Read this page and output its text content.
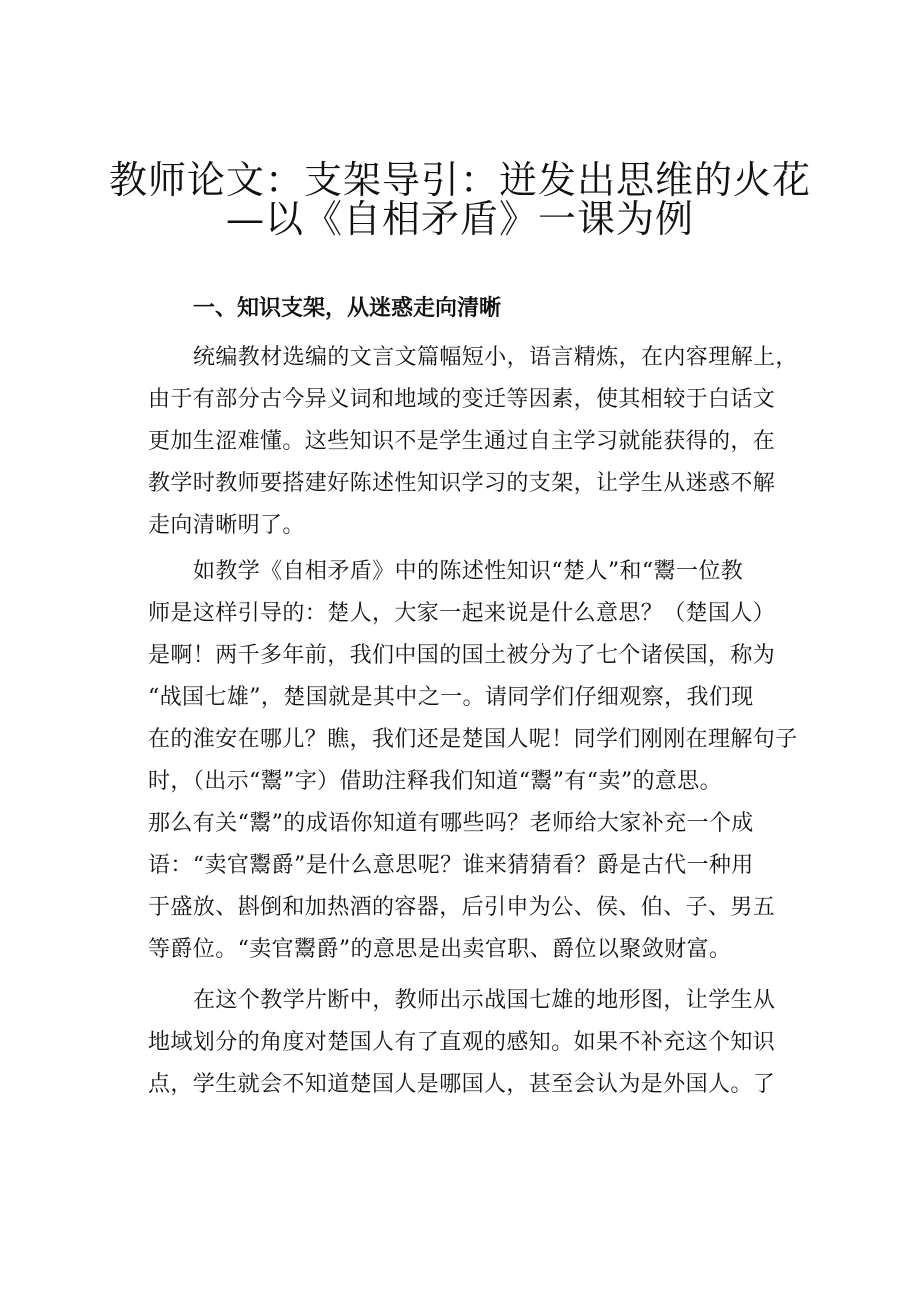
教师论文：支架导引：迸发出思维的火花
—以《自相矛盾》一课为例
一、知识支架，从迷惑走向清晰
统编教材选编的文言文篇幅短小，语言精炼，在内容理解上，
由于有部分古今异义词和地域的变迁等因素，使其相较于白话文
更加生涩难懂。这些知识不是学生通过自主学习就能获得的，在
教学时教师要搭建好陈述性知识学习的支架，让学生从迷惑不解
走向清晰明了。
如教学《自相矛盾》中的陈述性知识“楚人”和“鬻一位教
师是这样引导的：楚人，大家一起来说是什么意思？（楚国人）
是啊！两千多年前，我们中国的国土被分为了七个诸侯国，称为
“战国七雄”，楚国就是其中之一。请同学们仔细观察，我们现
在的淮安在哪儿？瞧，我们还是楚国人呢！同学们刚刚在理解句子
时，（出示“鬻”字）借助注释我们知道“鬻”有“卖”的意思。
那么有关“鬻”的成语你知道有哪些吗？老师给大家补充一个成
语：“卖官鬻爵”是什么意思呢？谁来猜猜看？爵是古代一种用
于盛放、斟倒和加热酒的容器，后引申为公、侯、伯、子、男五
等爵位。“卖官鬻爵”的意思是出卖官职、爵位以聚敛财富。
在这个教学片断中，教师出示战国七雄的地形图，让学生从
地域划分的角度对楚国人有了直观的感知。如果不补充这个知识
点，学生就会不知道楚国人是哪国人，甚至会认为是外国人。了
